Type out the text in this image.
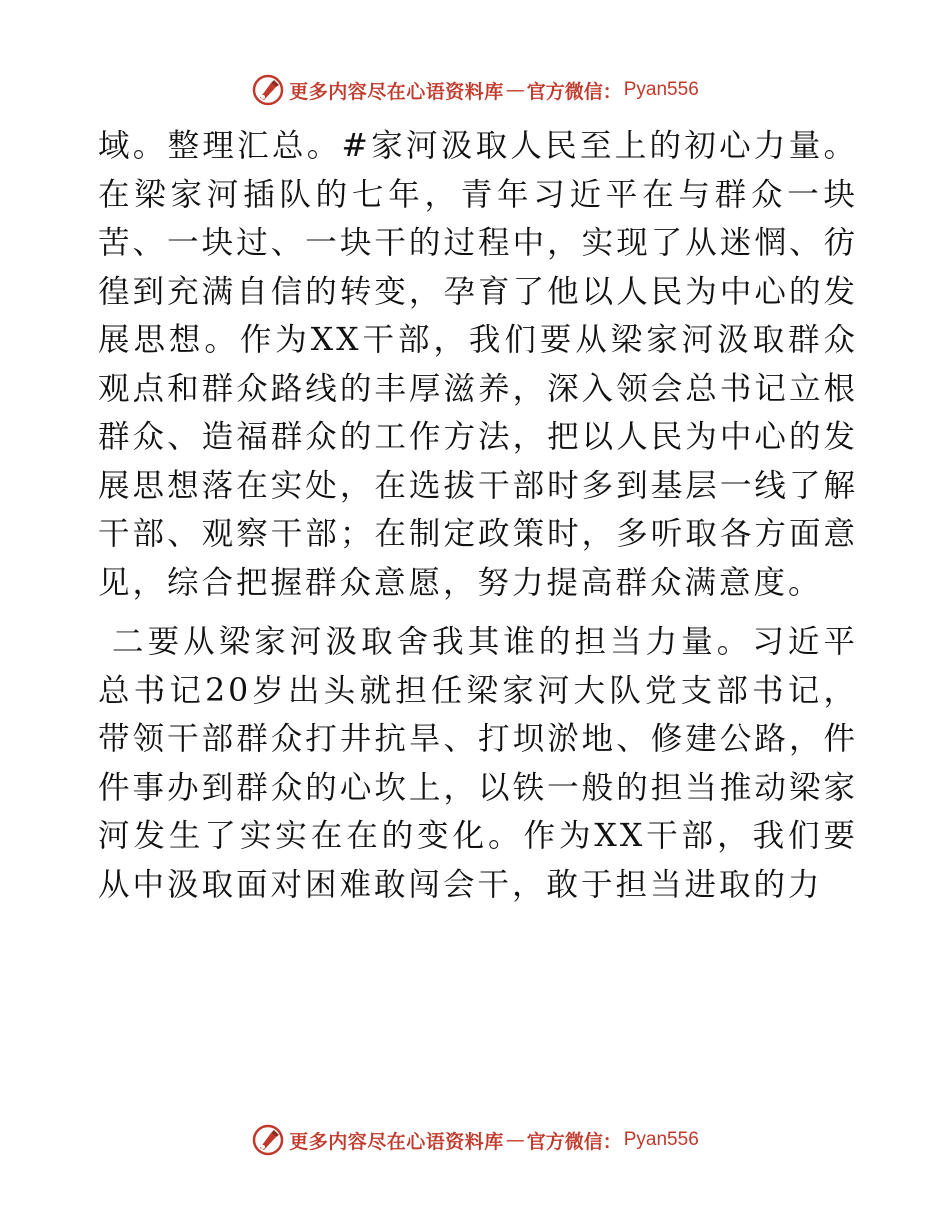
更多内容尽在心语资料库 — 官方微信： Pyan556

域。整理汇总。#家河汲取人民至上的初心力量。在梁家河插队的七年，青年习近平在与群众一块苦、一块过、一块干的过程中，实现了从迷惘、彷徨到充满自信的转变，孕育了他以人民为中心的发展思想。作为XX干部，我们要从梁家河汲取群众观点和群众路线的丰厚滋养，深入领会总书记立根群众、造福群众的工作方法，把以人民为中心的发展思想落在实处，在选拔干部时多到基层一线了解干部、观察干部；在制定政策时，多听取各方面意见，综合把握群众意愿，努力提高群众满意度。

二要从梁家河汲取舍我其谁的担当力量。习近平总书记20岁出头就担任梁家河大队党支部书记，带领干部群众打井抗旱、打坝淤地、修建公路，件件事办到群众的心坎上，以铁一般的担当推动梁家河发生了实实在在的变化。作为XX干部，我们要从中汲取面对困难敢闯会干，敢于担当进取的力

更多内容尽在心语资料库 — 官方微信： Pyan556
